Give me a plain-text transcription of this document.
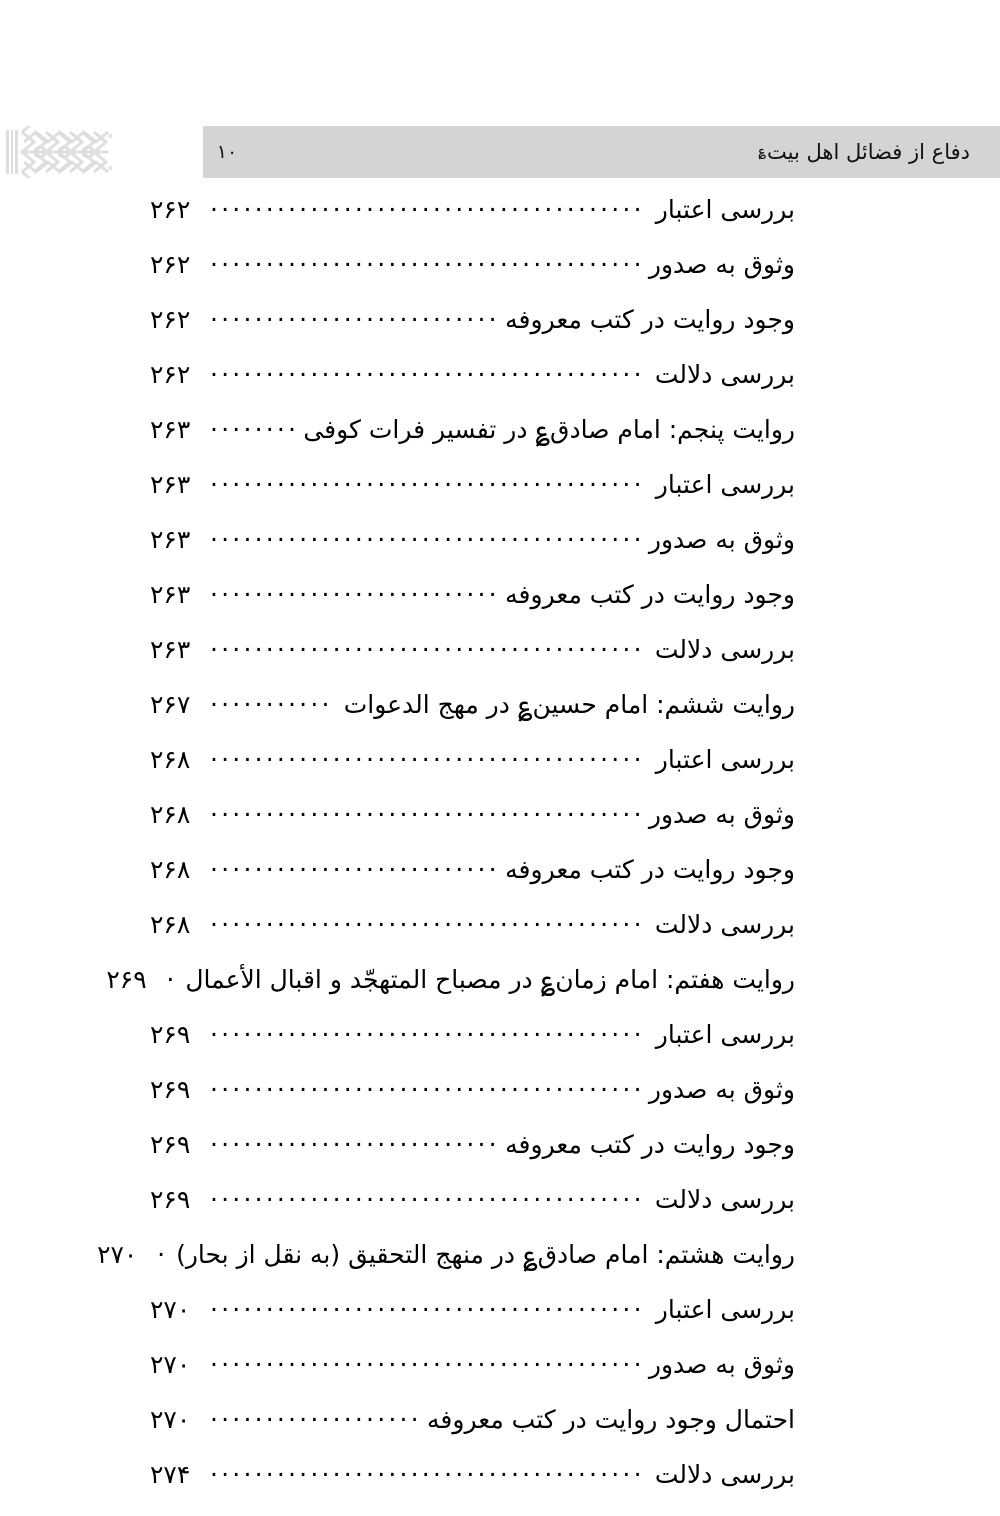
۱۰	دفاع از فضائل اهل بیت؏
بررسی اعتبار
.....
۲۶۲
وثوق به صدور
.....
۲۶۲
وجود روایت در کتب معروفه
.....
۲۶۲
بررسی دلالت
.....
۲۶۲
روایت پنجم: امام صادق؏ در تفسیر فرات کوفی
.....
۲۶۳
بررسی اعتبار
.....
۲۶۳
وثوق به صدور
.....
۲۶۳
وجود روایت در کتب معروفه
.....
۲۶۳
بررسی دلالت
.....
۲۶۳
روایت ششم: امام حسین؏ در مهج الدعوات
.....
۲۶۷
بررسی اعتبار
.....
۲۶۸
وثوق به صدور
.....
۲۶۸
وجود روایت در کتب معروفه
.....
۲۶۸
بررسی دلالت
.....
۲۶۸
روایت هفتم: امام زمان؏ در مصباح المتهجّد و اقبال الأعمال
.....
۲۶۹
بررسی اعتبار
.....
۲۶۹
وثوق به صدور
.....
۲۶۹
وجود روایت در کتب معروفه
.....
۲۶۹
بررسی دلالت
.....
۲۶۹
روایت هشتم: امام صادق؏ در منهج التحقیق (به نقل از بحار)
.....
۲۷۰
بررسی اعتبار
.....
۲۷۰
وثوق به صدور
.....
۲۷۰
احتمال وجود روایت در کتب معروفه
.....
۲۷۰
بررسی دلالت
.....
۲۷۴
